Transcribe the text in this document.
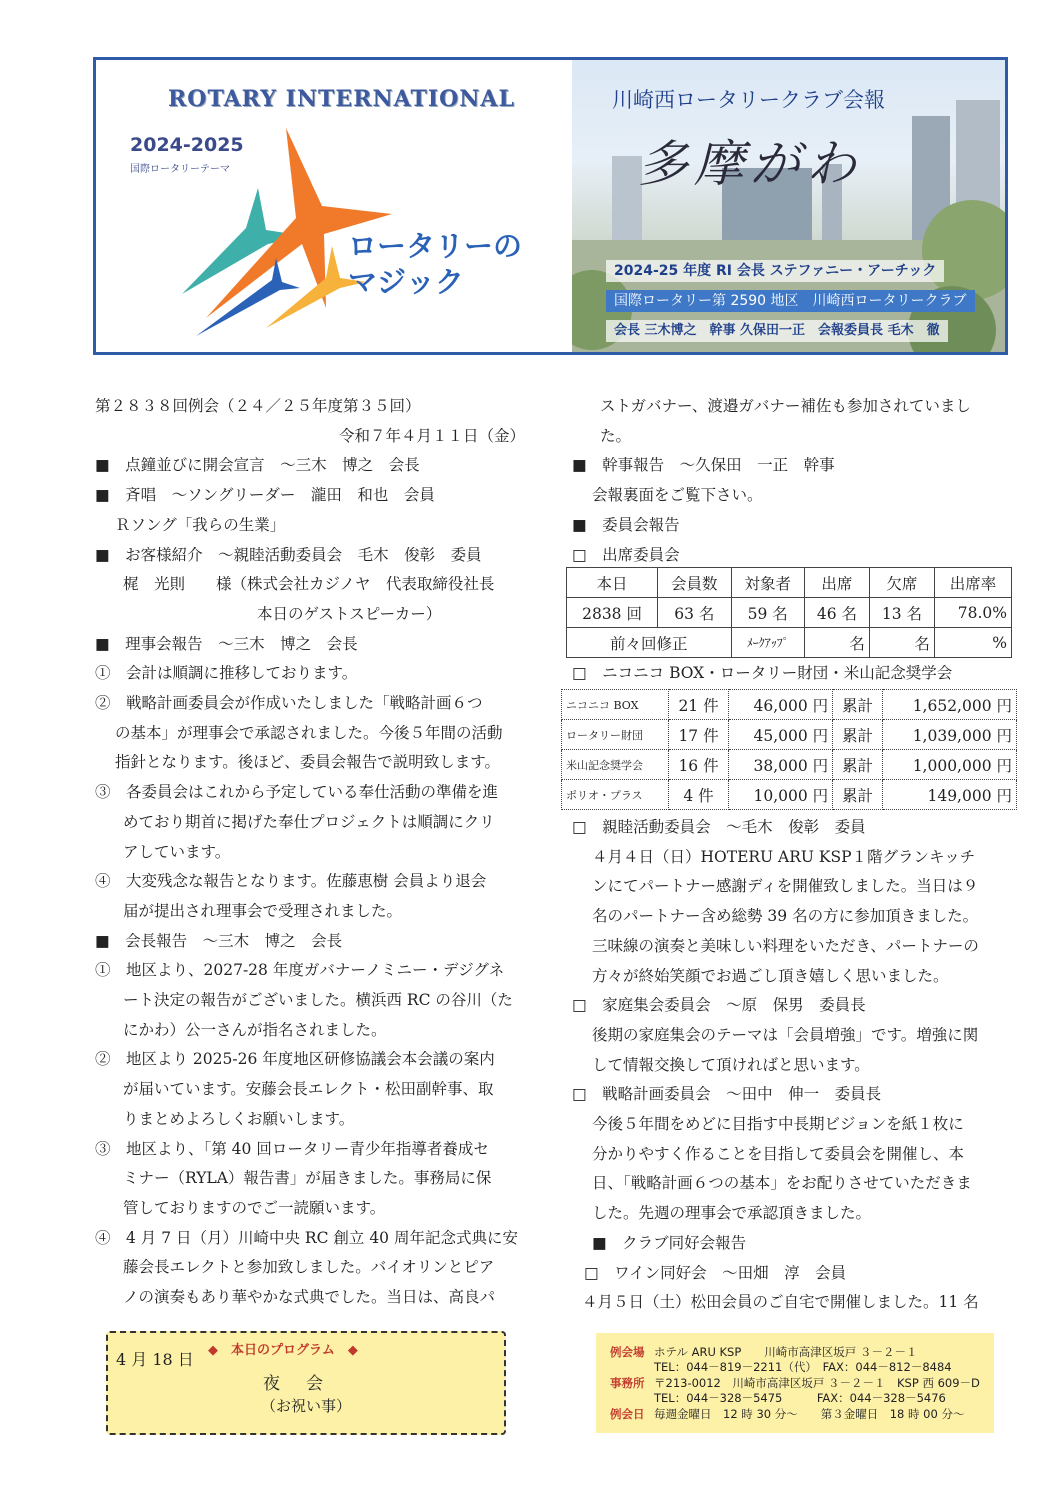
ROTARY INTERNATIONAL
2024-2025
国際ロータリーテーマ
ロータリーの
マジック
川崎西ロータリークラブ会報
多摩がわ
2024-25 年度 RI 会長 ステファニー・アーチック
国際ロータリー第 2590 地区　川崎西ロータリークラブ
会長 三木博之　幹事 久保田一正　会報委員長 毛木　徹

第２８３８回例会（２４／２５年度第３５回）

令和７年４月１１日（金）

■　点鐘並びに開会宣言　～三木　博之　会長

■　斉唱　～ソングリーダー　瀧田　和也　会員

Ｒソング「我らの生業」

■　お客様紹介　～親睦活動委員会　毛木　俊彰　委員

梶　光則　　様（株式会社カジノヤ　代表取締役社長

本日のゲストスピーカー）

■　理事会報告　～三木　博之　会長

①　会計は順調に推移しております。

②　戦略計画委員会が作成いたしました「戦略計画６つ

の基本」が理事会で承認されました。今後５年間の活動

指針となります。後ほど、委員会報告で説明致します。

③　各委員会はこれから予定している奉仕活動の準備を進

めており期首に掲げた奉仕プロジェクトは順調にクリ

アしています。

④　大変残念な報告となります。佐藤恵樹 会員より退会

届が提出され理事会で受理されました。

■　会長報告　～三木　博之　会長

①　地区より、2027-28 年度ガバナーノミニー・デジグネ

ート決定の報告がございました。横浜西 RC の谷川（た

にかわ）公一さんが指名されました。

②　地区より 2025-26 年度地区研修協議会本会議の案内

が届いています。安藤会長エレクト・松田副幹事、取

りまとめよろしくお願いします。

③　地区より、「第 40 回ロータリー青少年指導者養成セ

ミナー（RYLA）報告書」が届きました。事務局に保

管しておりますのでご一読願います。

④　4 月 7 日（月）川崎中央 RC 創立 40 周年記念式典に安

藤会長エレクトと参加致しました。バイオリンとピア

ノの演奏もあり華やかな式典でした。当日は、高良パ

ストガバナー、渡邉ガバナー補佐も参加されていまし

た。

■　幹事報告　～久保田　一正　幹事

会報裏面をご覧下さい。

■　委員会報告

□　出席委員会

本日	会員数	対象者	出席	欠席	出席率
2838 回	63 名	59 名	46 名	13 名	78.0%
前々回修正		ﾒｰｸｱｯﾌﾟ	名	名	%

□　ニコニコ BOX・ロータリー財団・米山記念奨学会

ニコニコ BOX	21 件	46,000 円	累計	1,652,000 円
ロータリー財団	17 件	45,000 円	累計	1,039,000 円
米山記念奨学会	16 件	38,000 円	累計	1,000,000 円
ポリオ・プラス	4 件	10,000 円	累計	149,000 円

□　親睦活動委員会　～毛木　俊彰　委員

４月４日（日）HOTERU ARU KSP１階グランキッチ

ンにてパートナー感謝ディを開催致しました。当日は９

名のパートナー含め総勢 39 名の方に参加頂きました。

三味線の演奏と美味しい料理をいただき、パートナーの

方々が終始笑顔でお過ごし頂き嬉しく思いました。

□　家庭集会委員会　～原　保男　委員長

後期の家庭集会のテーマは「会員増強」です。増強に関

して情報交換して頂ければと思います。

□　戦略計画委員会　～田中　伸一　委員長

今後５年間をめどに目指す中長期ビジョンを紙１枚に

分かりやすく作ることを目指して委員会を開催し、本

日、「戦略計画６つの基本」をお配りさせていただきま

した。先週の理事会で承認頂きました。

■　クラブ同好会報告

□　ワイン同好会　～田畑　淳　会員

４月５日（土）松田会員のご自宅で開催しました。11 名

4 月 18 日 ◆　本日のプログラム　◆
夜会
（お祝い事）
例会場 ホテル ARU KSP　　川崎市高津区坂戸 ３－２－１
TEL：044－819－2211（代）　FAX：044－812－8484
事務所 〒213-0012　川崎市高津区坂戸 ３－２－１　KSP 西 609－D
TEL：044－328－5475　　　FAX：044－328－5476
例会日 毎週金曜日　12 時 30 分～　　第３金曜日　18 時 00 分～
